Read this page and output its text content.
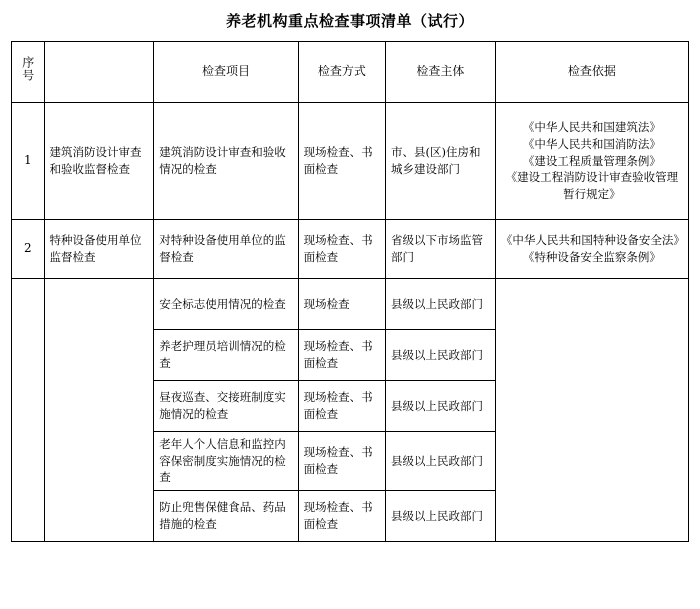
养老机构重点检查事项清单（试行）
序号		检查项目	检查方式	检查主体	检查依据
1	建筑消防设计审查和验收监督检查	建筑消防设计审查和验收情况的检查	现场检查、书面检查	市、县(区)住房和城乡建设部门	《中华人民共和国建筑法》
《中华人民共和国消防法》
《建设工程质量管理条例》
《建设工程消防设计审查验收管理暂行规定》

2	特种设备使用单位监督检查	对特种设备使用单位的监督检查	现场检查、书面检查	省级以下市场监管部门	《中华人民共和国特种设备安全法》
《特种设备安全监察条例》

		安全标志使用情况的检查	现场检查	县级以上民政部门	
		养老护理员培训情况的检查	现场检查、书面检查	县级以上民政部门	
		昼夜巡查、交接班制度实施情况的检查	现场检查、书面检查	县级以上民政部门	
		老年人个人信息和监控内容保密制度实施情况的检查	现场检查、书面检查	县级以上民政部门	
		防止兜售保健食品、药品措施的检查	现场检查、书面检查	县级以上民政部门	
